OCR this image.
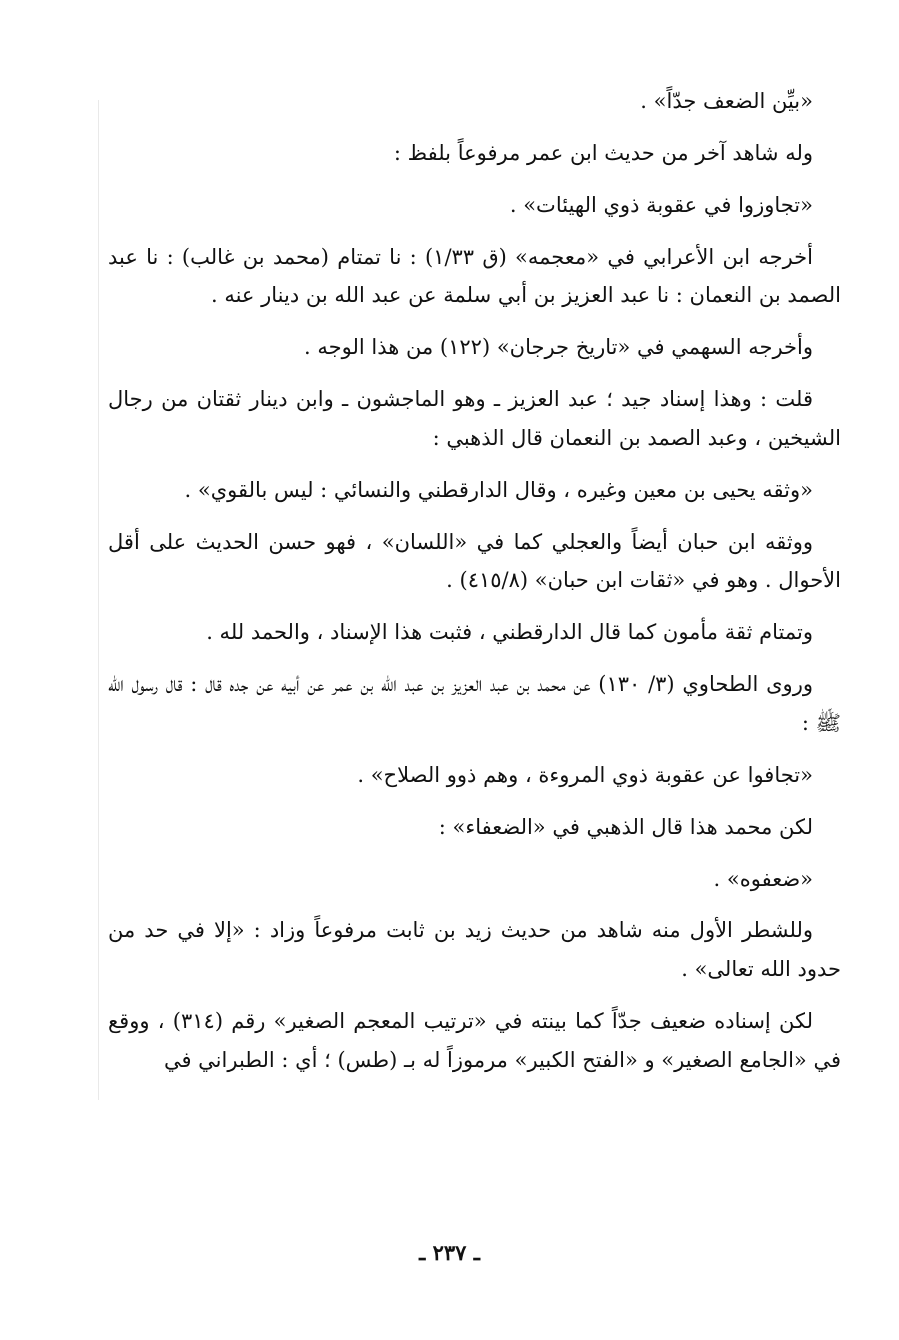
«بيِّن الضعف جدّاً» .

وله شاهد آخر من حديث ابن عمر مرفوعاً بلفظ :

«تجاوزوا في عقوبة ذوي الهيئات» .

أخرجه ابن الأعرابي في «معجمه» (ق ١/٣٣) : نا تمتام (محمد بن غالب) : نا عبد الصمد بن النعمان : نا عبد العزيز بن أبي سلمة عن عبد الله بن دينار عنه .

وأخرجه السهمي في «تاريخ جرجان» (١٢٢) من هذا الوجه .

قلت : وهذا إسناد جيد ؛ عبد العزيز ـ وهو الماجشون ـ وابن دينار ثقتان من رجال الشيخين ، وعبد الصمد بن النعمان قال الذهبي :

«وثقه يحيى بن معين وغيره ، وقال الدارقطني والنسائي : ليس بالقوي» .

ووثقه ابن حبان أيضاً والعجلي كما في «اللسان» ، فهو حسن الحديث على أقل الأحوال . وهو في «ثقات ابن حبان» (٤١٥/٨) .

وتمتام ثقة مأمون كما قال الدارقطني ، فثبت هذا الإسناد ، والحمد لله .

وروى الطحاوي (٣/ ١٣٠) عن محمد بن عبد العزيز بن عبد الله بن عمر عن أبيه عن جده قال : قال رسول الله ﷺ :

«تجافوا عن عقوبة ذوي المروءة ، وهم ذوو الصلاح» .

لكن محمد هذا قال الذهبي في «الضعفاء» :

«ضعفوه» .

وللشطر الأول منه شاهد من حديث زيد بن ثابت مرفوعاً وزاد : «إلا في حد من حدود الله تعالى» .

لكن إسناده ضعيف جدّاً كما بينته في «ترتيب المعجم الصغير» رقم (٣١٤) ، ووقع في «الجامع الصغير» و «الفتح الكبير» مرموزاً له بـ (طس) ؛ أي : الطبراني في

ـ ٢٣٧ ـ
